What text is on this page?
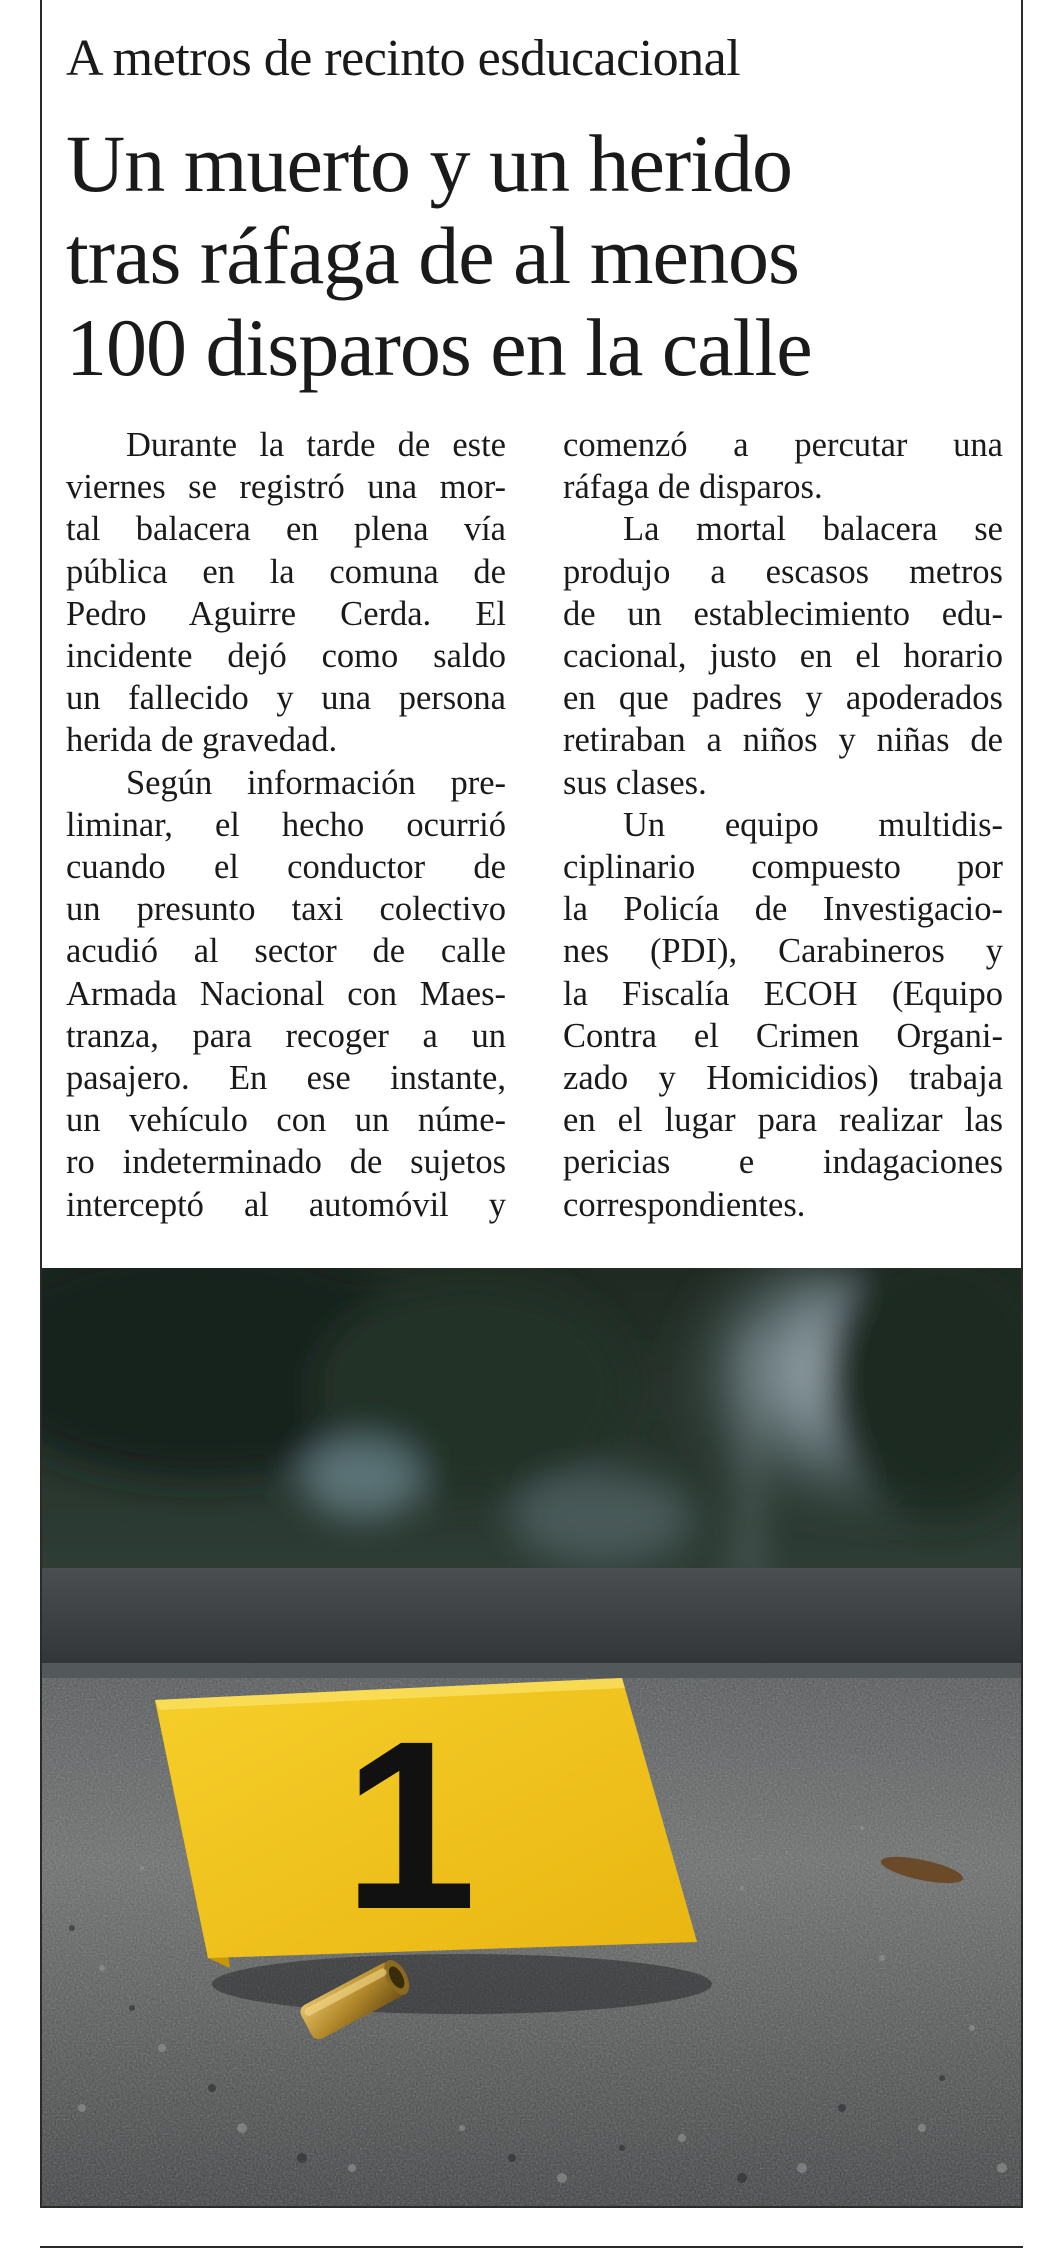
A metros de recinto esducacional
Un muerto y un herido
tras ráfaga de al menos
100 disparos en la calle

Durante la tarde de este
viernes se registró una mor-
tal balacera en plena vía
pública en la comuna de
Pedro Aguirre Cerda. El
incidente dejó como saldo
un fallecido y una persona
herida de gravedad.

Según información pre-
liminar, el hecho ocurrió
cuando el conductor de
un presunto taxi colectivo
acudió al sector de calle
Armada Nacional con Maes-
tranza, para recoger a un
pasajero. En ese instante,
un vehículo con un núme-
ro indeterminado de sujetos
interceptó al automóvil y

comenzó a percutar una
ráfaga de disparos.

La mortal balacera se
produjo a escasos metros
de un establecimiento edu-
cacional, justo en el horario
en que padres y apoderados
retiraban a niños y niñas de
sus clases.

Un equipo multidis-
ciplinario compuesto por
la Policía de Investigacio-
nes (PDI), Carabineros y
la Fiscalía ECOH (Equipo
Contra el Crimen Organi-
zado y Homicidios) trabaja
en el lugar para realizar las
pericias e indagaciones
correspondientes.

1
